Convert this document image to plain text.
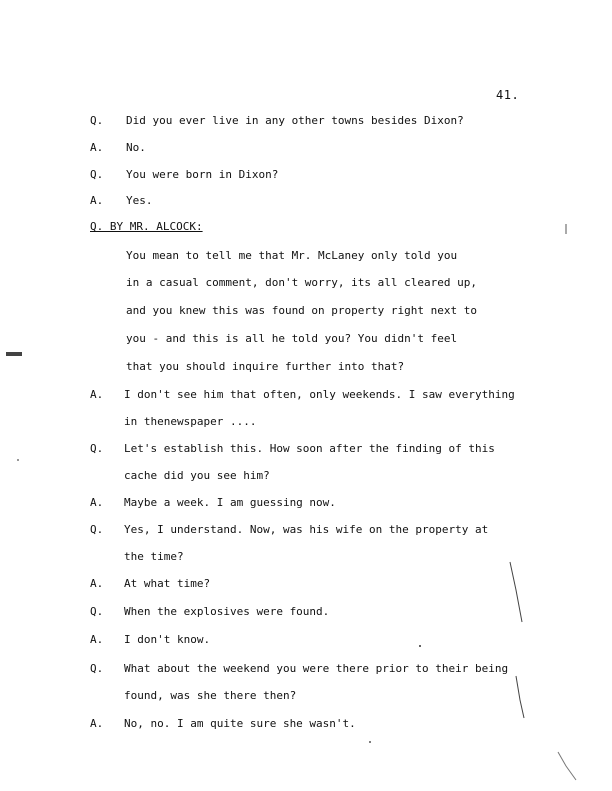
41.
Q. Did you ever live in any other towns besides Dixon?
A. No.
Q. You were born in Dixon?
A. Yes.
Q. BY MR. ALCOCK:
You mean to tell me that Mr. McLaney only told you
in a casual comment, don't worry, its all cleared up,
and you knew this was found on property right next to
you - and this is all he told you? You didn't feel
that you should inquire further into that?
A. I don't see him that often, only weekends. I saw everything
in thenewspaper ....
Q. Let's establish this. How soon after the finding of this
cache did you see him?
A. Maybe a week. I am guessing now.
Q. Yes, I understand. Now, was his wife on the property at
the time?
A. At what time?
Q. When the explosives were found.
A. I don't know.
Q. What about the weekend you were there prior to their being
found, was she there then?
A. No, no. I am quite sure she wasn't.
